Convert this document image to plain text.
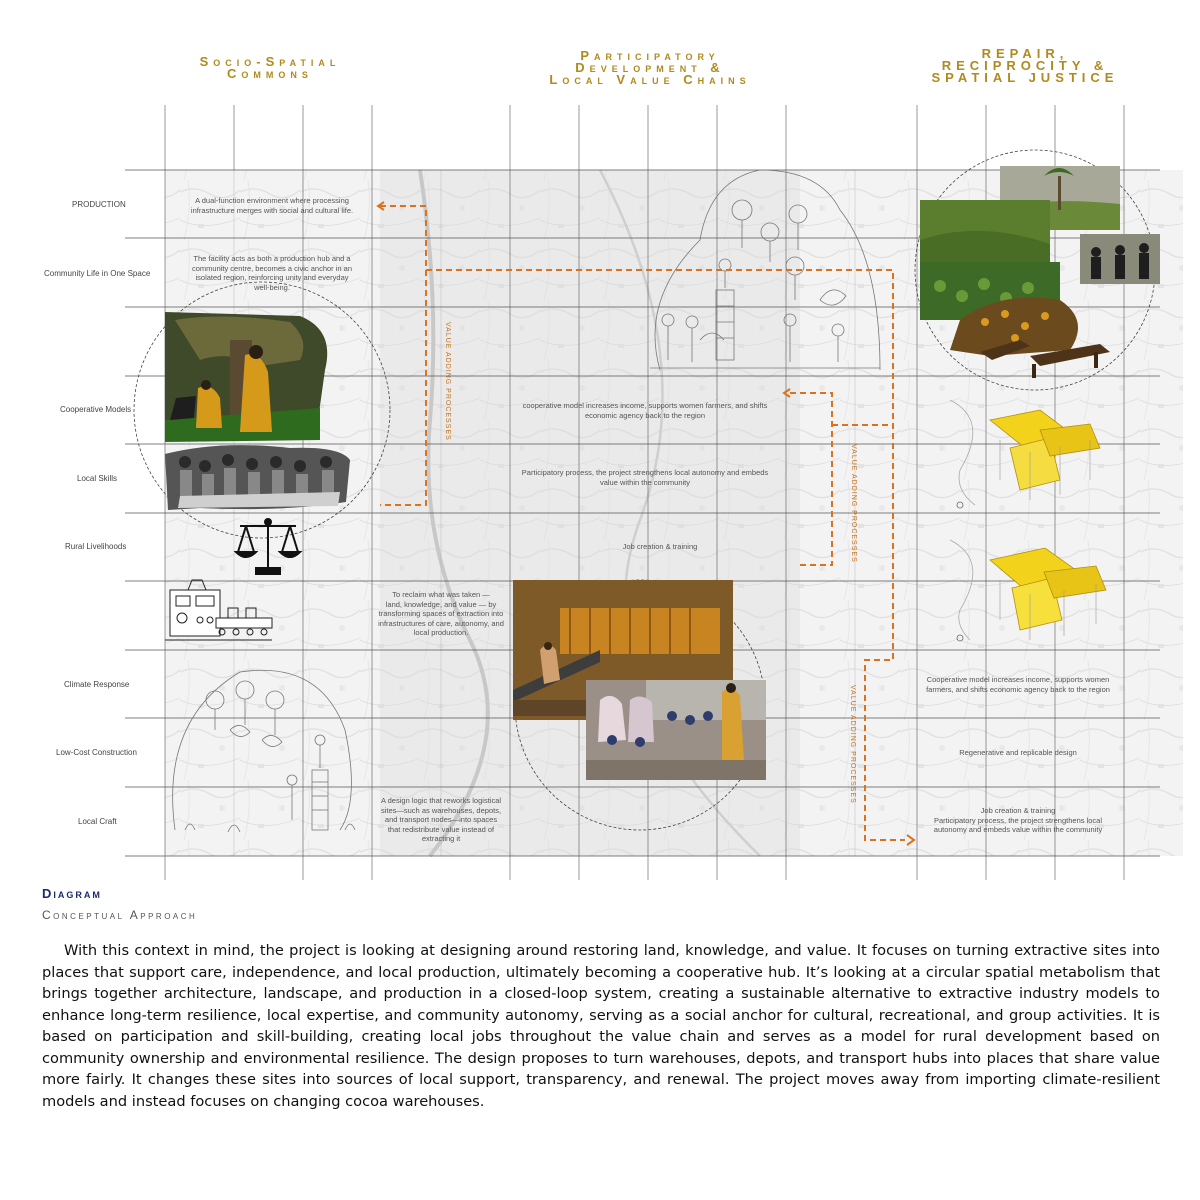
Socio-Spatial
Commons
Participatory
Development &
Local Value Chains
REPAIR,
RECIPROCITY &
SPATIAL JUSTICE
PRODUCTION
Community Life in One Space
Cooperative Models
Local Skills
Rural Livelihoods
Climate Response
Low-Cost Construction
Local Craft
A dual-function environment where processing
infrastructure merges with social and cultural life.
The facility acts as both a production hub and a
community centre, becomes a civic anchor in an
isolated region, reinforcing unity and everyday
well-being.
cooperative model increases income, supports women farmers, and shifts
economic agency back to the region
Participatory process, the project strengthens local autonomy and embeds
value within the community
Job creation & training
To reclaim what was taken —
land, knowledge, and value — by
transforming spaces of extraction into
infrastructures of care, autonomy, and
local production.
A design logic that reworks logistical
sites—such as warehouses, depots,
and transport nodes—into spaces
that redistribute value instead of
extracting it
Cooperative model increases income, supports women
farmers, and shifts economic agency back to the region
Regenerative and replicable design
Job creation & training
Participatory process, the project strengthens local
autonomy and embeds value within the community
VALUE ADDING PROCESSES
VALUE ADDING PROCESSES
VALUE ADDING PROCESSES
Diagram
Conceptual Approach
With this context in mind, the project is looking at designing around restoring land, knowledge, and value. It focuses on turning extractive sites into places that support care, independence, and local production, ultimately becoming a cooperative hub. It’s looking at a circular spatial metabolism that brings together architecture, landscape, and production in a closed-loop system, creating a sustainable alternative to extractive industry models to enhance long-term resilience, local expertise, and community autonomy, serving as a social anchor for cultural, recreational, and group activities. It is based on participation and skill-building, creating local jobs throughout the value chain and serves as a model for rural development based on community ownership and environmental resilience. The design proposes to turn warehouses, depots, and transport hubs into places that share value more fairly. It changes these sites into sources of local support, transparency, and renewal. The project moves away from importing climate-resilient models and instead focuses on changing cocoa warehouses.
